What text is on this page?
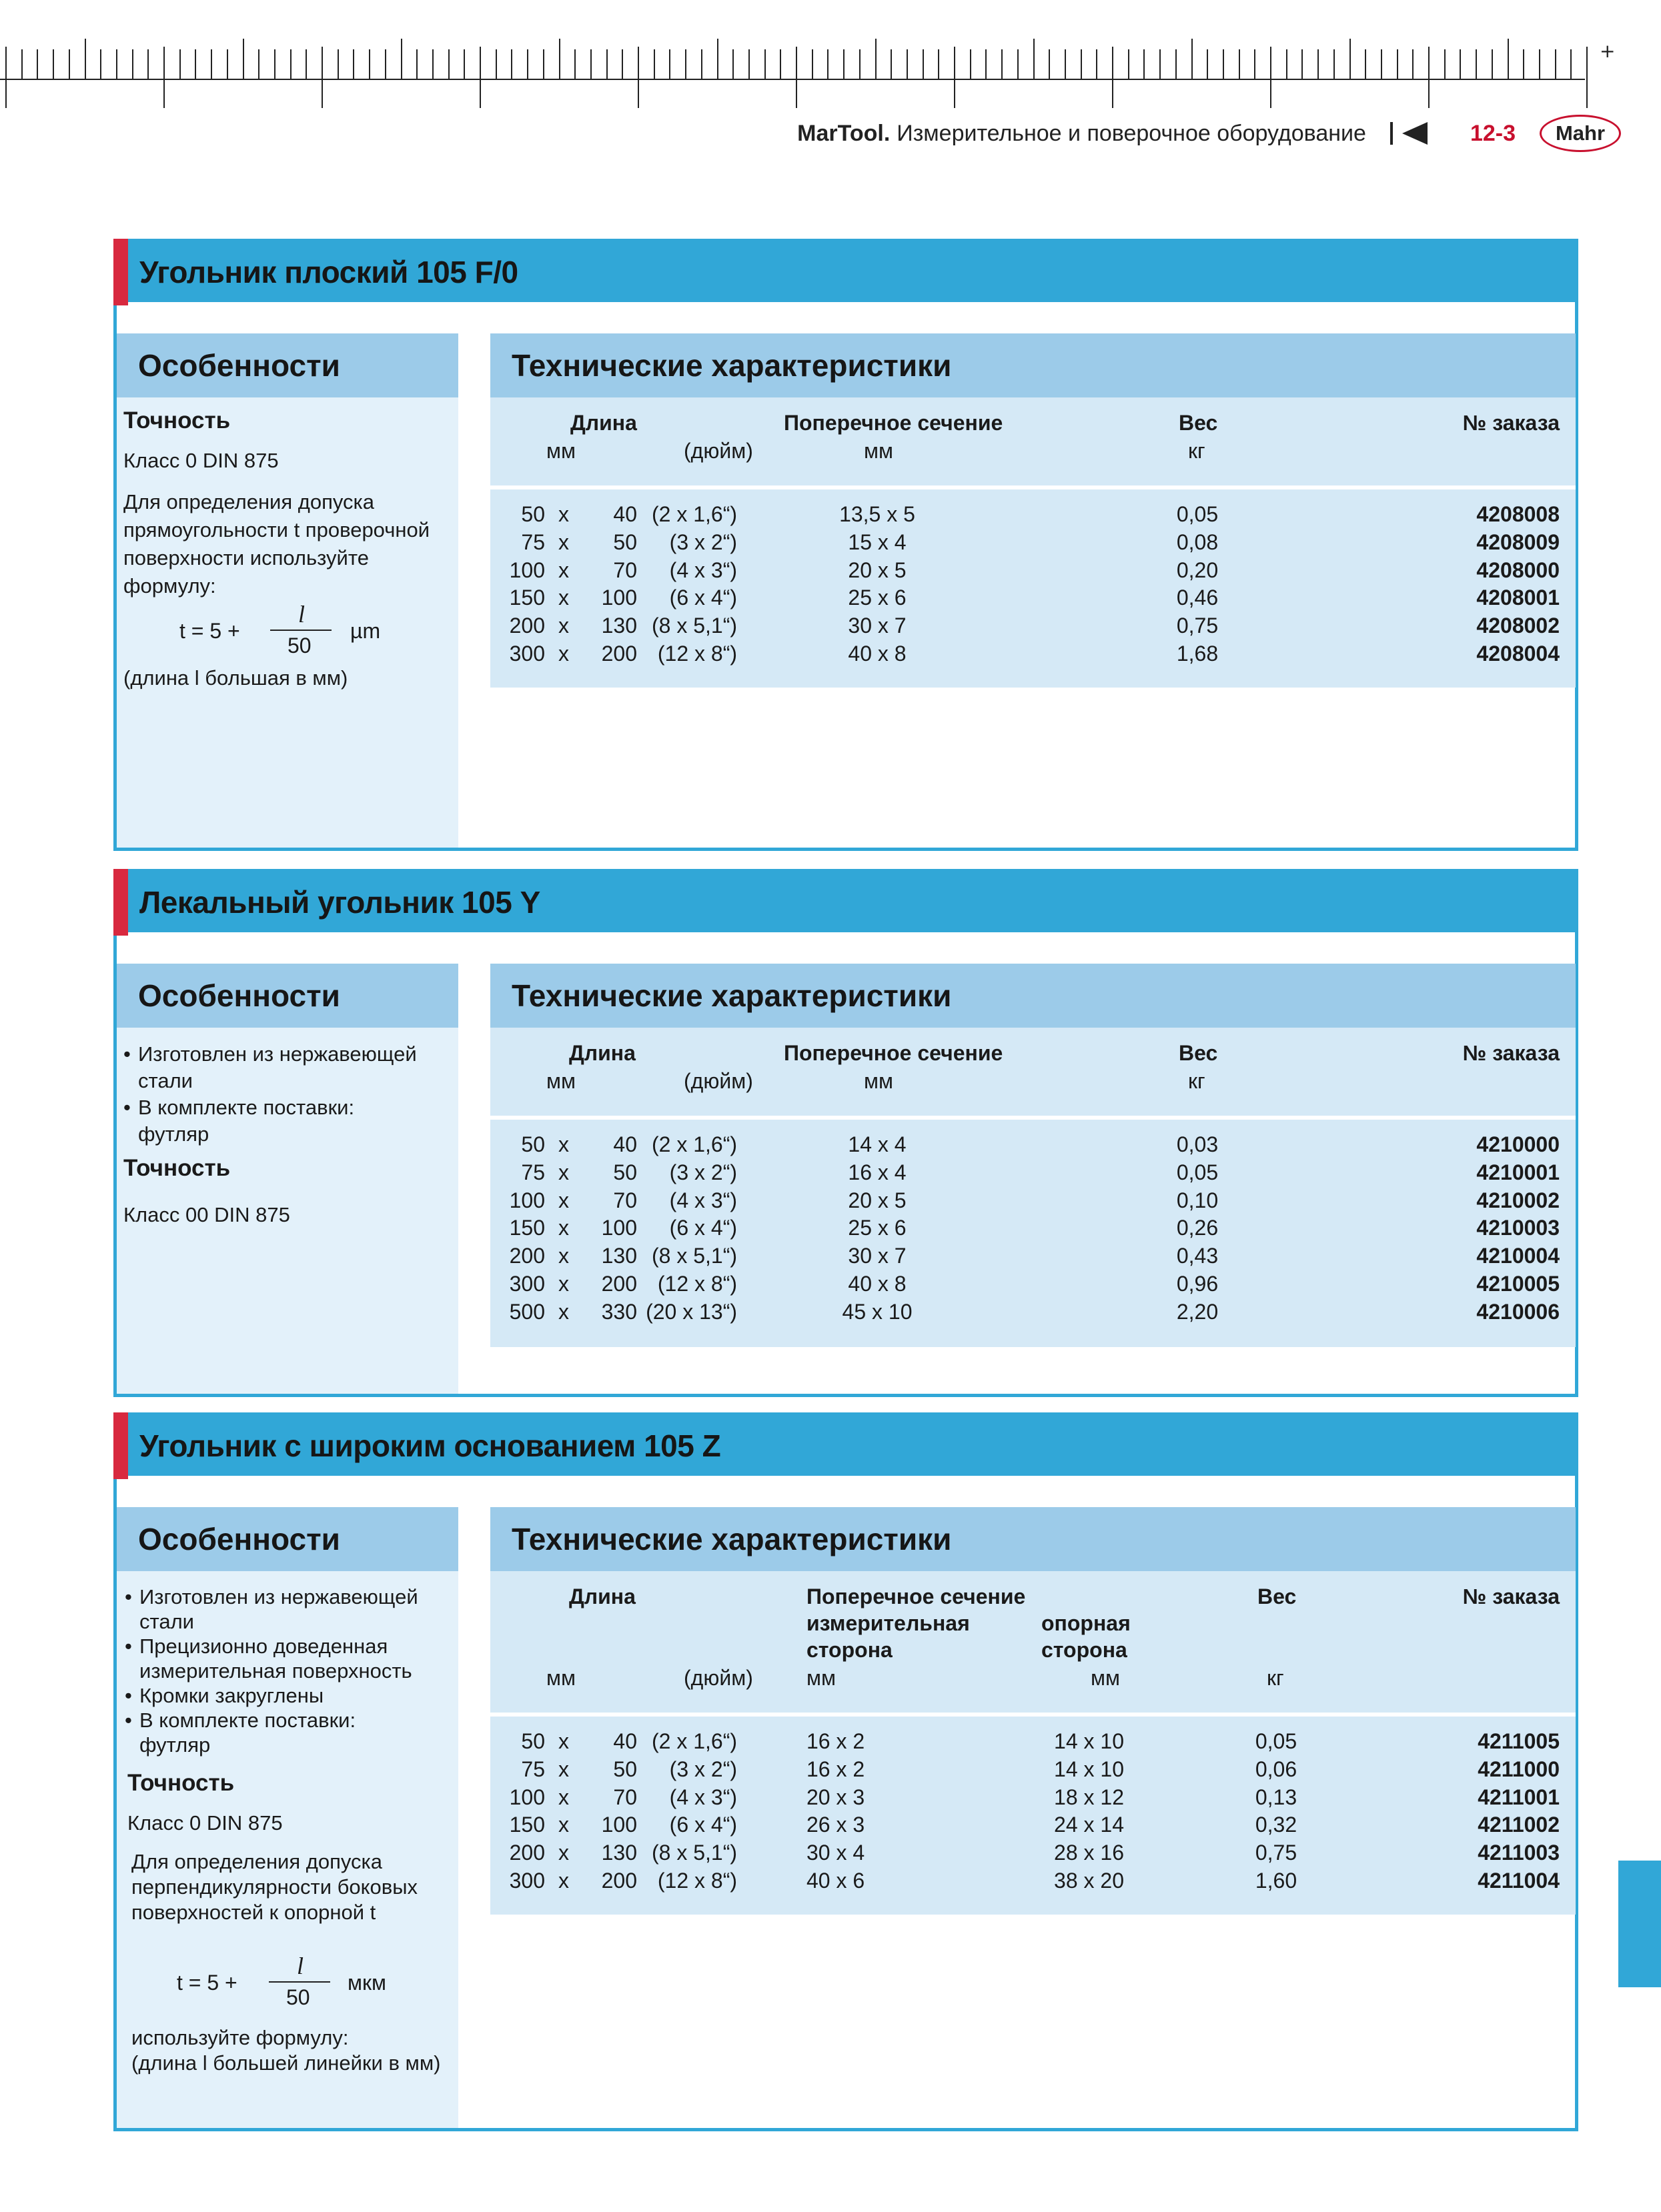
+
MarTool. Измерительное и поверочное оборудование	12-3 Mahr
Угольник плоский 105 F/0
Особенности

Точность

Класс 0 DIN 875

Для определения допуска

прямоугольности t проверочной

поверхности используйте

формулу:

t = 5 +
l
50
µm

(длина l большая в мм)

Технические характеристики
Длина
мм	(дюйм)
Поперечное сечение
мм
Вес
кг
№ заказа
50 x	40 (2 x 1,6“)	13,5 x 5	0,05	4208008
75 x	50	(3 x 2“)	15 x 4	0,08	4208009
100 x	70	(4 x 3“)	20 x 5	0,20	4208000
150 x	100	(6 x 4“)	25 x 6	0,46	4208001
200 x	130 (8 x 5,1“)	30 x 7	0,75	4208002
300 x	200 (12 x 8“)	40 x 8	1,68	4208004
Лекальный угольник 105 Y
Особенности
• Изготовлен из нержавеющей
стали
• В комплекте поставки:
футляр

Точность

Класс 00 DIN 875

Технические характеристики
Длина
мм	(дюйм)
Поперечное сечение
мм
Вес
кг
№ заказа
50 x	40 (2 x 1,6“)	14 x 4	0,03	4210000
75 x	50	(3 x 2“)	16 x 4	0,05	4210001
100 x	70	(4 x 3“)	20 x 5	0,10	4210002
150 x	100	(6 x 4“)	25 x 6	0,26	4210003
200 x	130 (8 x 5,1“)	30 x 7	0,43	4210004
300 x	200 (12 x 8“)	40 x 8	0,96	4210005
500 x	330 (20 x 13“)	45 x 10	2,20	4210006
Угольник с широким основанием 105 Z
Особенности
• Изготовлен из нержавеющей
стали
• Прецизионно доведенная
измерительная поверхность
• Кромки закруглены
• В комплекте поставки:
футляр

Точность

Класс 0 DIN 875

Для определения допуска

перпендикулярности боковых

поверхностей к опорной t

t = 5 +
l
50
мкм

используйте формулу:

(длина l большей линейки в мм)

Технические характеристики
Длина
мм	(дюйм)
Поперечное сечение
измерительная
сторона
мм
опорная
сторона
мм
Вес
кг
№ заказа
50 x	40 (2 x 1,6“)	16 x 2	14 x 10	0,05	4211005
75 x	50	(3 x 2“)	16 x 2	14 x 10	0,06	4211000
100 x	70	(4 x 3“)	20 x 3	18 x 12	0,13	4211001
150 x	100	(6 x 4“)	26 x 3	24 x 14	0,32	4211002
200 x	130 (8 x 5,1“)	30 x 4	28 x 16	0,75	4211003
300 x	200 (12 x 8“)	40 x 6	38 x 20	1,60	4211004
